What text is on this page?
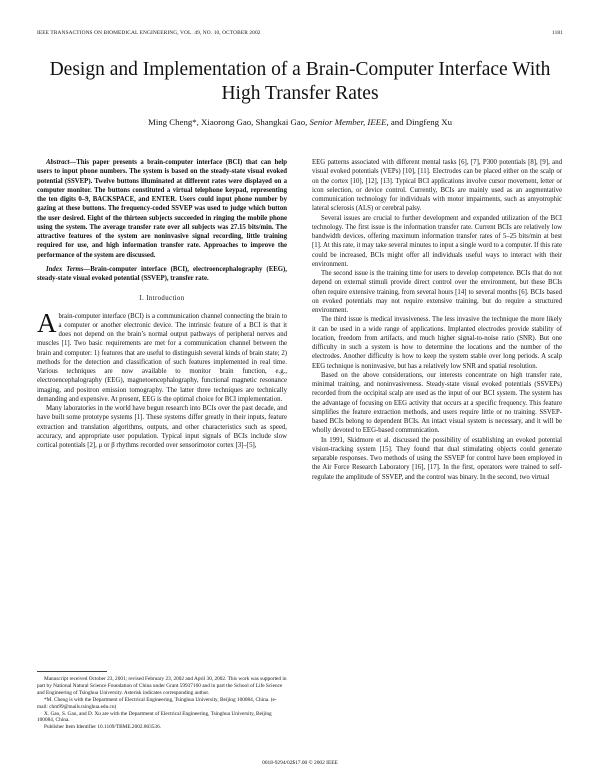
IEEE TRANSACTIONS ON BIOMEDICAL ENGINEERING, VOL. 49, NO. 10, OCTOBER 2002	1181
Design and Implementation of a Brain-Computer Interface With High Transfer Rates
Ming Cheng*, Xiaorong Gao, Shangkai Gao, Senior Member, IEEE, and Dingfeng Xu

Abstract—This paper presents a brain-computer interface (BCI) that can help users to input phone numbers. The system is based on the steady-state visual evoked potential (SSVEP). Twelve buttons illuminated at different rates were displayed on a computer monitor. The buttons constituted a virtual telephone keypad, representing the ten digits 0–9, BACKSPACE, and ENTER. Users could input phone number by gazing at these buttons. The frequency-coded SSVEP was used to judge which button the user desired. Eight of the thirteen subjects succeeded in ringing the mobile phone using the system. The average transfer rate over all subjects was 27.15 bits/min. The attractive features of the system are noninvasive signal recording, little training required for use, and high information transfer rate. Approaches to improve the performance of the system are discussed.

Index Terms—Brain-computer interface (BCI), electroencephalography (EEG), steady-state visual evoked potential (SSVEP), transfer rate.

I. Introduction

Abrain-computer interface (BCI) is a communication channel connecting the brain to a computer or another electronic device. The intrinsic feature of a BCI is that it does not depend on the brain’s normal output pathways of peripheral nerves and muscles [1]. Two basic requirements are met for a communication channel between the brain and computer: 1) features that are useful to distinguish several kinds of brain state; 2) methods for the detection and classification of such features implemented in real time. Various techniques are now available to monitor brain function, e.g., electroencephalography (EEG), magnetoencephalography, functional magnetic resonance imaging, and positron emission tomography. The latter three techniques are technically demanding and expensive. At present, EEG is the optimal choice for BCI implementation.

Many laboratories in the world have begun research into BCIs over the past decade, and have built some prototype systems [1]. These systems differ greatly in their inputs, feature extraction and translation algorithms, outputs, and other characteristics such as speed, accuracy, and appropriate user population. Typical input signals of BCIs include slow cortical potentials [2], μ or β rhythms recorded over sensorimotor cortex [3]–[5],

Manuscript received October 23, 2001; revised February 23, 2002 and April 30, 2002. This work was supported in part by National Natural Science Foundation of China under Grant 59937160 and in part the School of Life Science and Engineering of Tsinghua University. Asterisk indicates corresponding author.

*M. Cheng is with the Department of Electrical Engineering, Tsinghua University, Beijing 100084, China. (e-mail: chm99@mails.tsinghua.edu.cn)

X. Gao, S. Gao, and D. Xu are with the Department of Electrical Engineering, Tsinghua University, Beijing 100084, China.

Publisher Item Identifier 10.1109/TBME.2002.803536.

EEG patterns associated with different mental tasks [6], [7], P300 potentials [8], [9], and visual evoked potentials (VEPs) [10], [11]. Electrodes can be placed either on the scalp or on the cortex [10], [12], [13]. Typical BCI applications involve cursor movement, letter or icon selection, or device control. Currently, BCIs are mainly used as an augmentative communication technology for individuals with motor impairments, such as amyotrophic lateral sclerosis (ALS) or cerebral palsy.

Several issues are crucial to further development and expanded utilization of the BCI technology. The first issue is the information transfer rate. Current BCIs are relatively low bandwidth devices, offering maximum information transfer rates of 5–25 bits/min at best [1]. At this rate, it may take several minutes to input a single word to a computer. If this rate could be increased, BCIs might offer all individuals useful ways to interact with their environment.

The second issue is the training time for users to develop competence. BCIs that do not depend on external stimuli provide direct control over the environment, but these BCIs often require extensive training, from several hours [14] to several months [6]. BCIs based on evoked potentials may not require extensive training, but do require a structured environment.

The third issue is medical invasiveness. The less invasive the technique the more likely it can be used in a wide range of applications. Implanted electrodes provide stability of location, freedom from artifacts, and much higher signal-to-noise ratio (SNR). But one difficulty in such a system is how to determine the locations and the number of the electrodes. Another difficulty is how to keep the system stable over long periods. A scalp EEG technique is noninvasive, but has a relatively low SNR and spatial resolution.

Based on the above considerations, our interests concentrate on high transfer rate, minimal training, and noninvasiveness. Steady-state visual evoked potentials (SSVEPs) recorded from the occipital scalp are used as the input of our BCI system. The system has the advantage of focusing on EEG activity that occurs at a specific frequency. This feature simplifies the feature extraction methods, and users require little or no training. SSVEP-based BCIs belong to dependent BCIs. An intact visual system is necessary, and it will be wholly devoted to EEG-based communication.

In 1991, Skidmore et al. discussed the possibility of establishing an evoked potential vision-tracking system [15]. They found that dual stimulating objects could generate separable responses. Two methods of using the SSVEP for control have been employed in the Air Force Research Laboratory [16], [17]. In the first, operators were trained to self-regulate the amplitude of SSVEP, and the control was binary. In the second, two virtual

0018-9294/02$17.00 © 2002 IEEE
